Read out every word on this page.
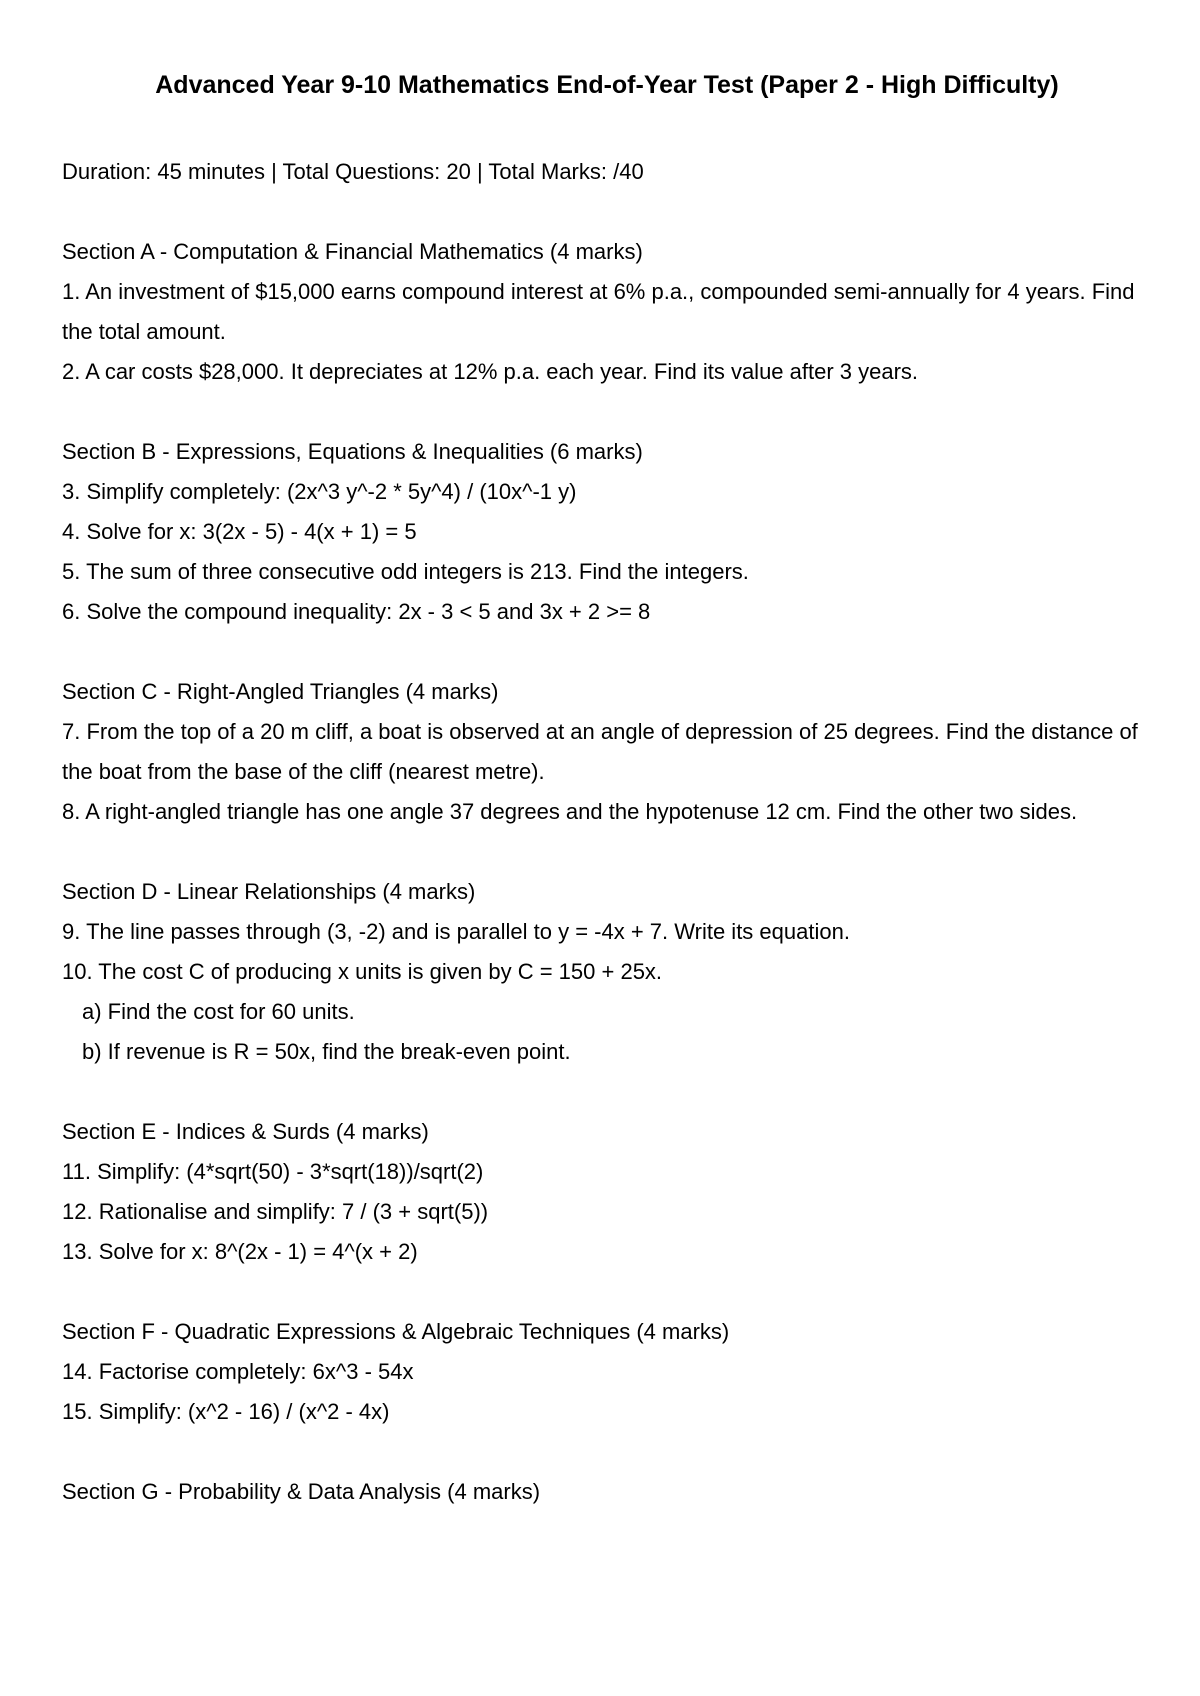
Advanced Year 9-10 Mathematics End-of-Year Test (Paper 2 - High Difficulty)

Duration: 45 minutes | Total Questions: 20 | Total Marks: /40

Section A - Computation & Financial Mathematics (4 marks)

1. An investment of $15,000 earns compound interest at 6% p.a., compounded semi-annually for 4 years. Find the total amount.

2. A car costs $28,000. It depreciates at 12% p.a. each year. Find its value after 3 years.

Section B - Expressions, Equations & Inequalities (6 marks)

3. Simplify completely: (2x^3 y^-2 * 5y^4) / (10x^-1 y)

4. Solve for x: 3(2x - 5) - 4(x + 1) = 5

5. The sum of three consecutive odd integers is 213. Find the integers.

6. Solve the compound inequality: 2x - 3 < 5 and 3x + 2 >= 8

Section C - Right-Angled Triangles (4 marks)

7. From the top of a 20 m cliff, a boat is observed at an angle of depression of 25 degrees. Find the distance of the boat from the base of the cliff (nearest metre).

8. A right-angled triangle has one angle 37 degrees and the hypotenuse 12 cm. Find the other two sides.

Section D - Linear Relationships (4 marks)

9. The line passes through (3, -2) and is parallel to y = -4x + 7. Write its equation.

10. The cost C of producing x units is given by C = 150 + 25x.

a) Find the cost for 60 units.

b) If revenue is R = 50x, find the break-even point.

Section E - Indices & Surds (4 marks)

11. Simplify: (4*sqrt(50) - 3*sqrt(18))/sqrt(2)

12. Rationalise and simplify: 7 / (3 + sqrt(5))

13. Solve for x: 8^(2x - 1) = 4^(x + 2)

Section F - Quadratic Expressions & Algebraic Techniques (4 marks)

14. Factorise completely: 6x^3 - 54x

15. Simplify: (x^2 - 16) / (x^2 - 4x)

Section G - Probability & Data Analysis (4 marks)
